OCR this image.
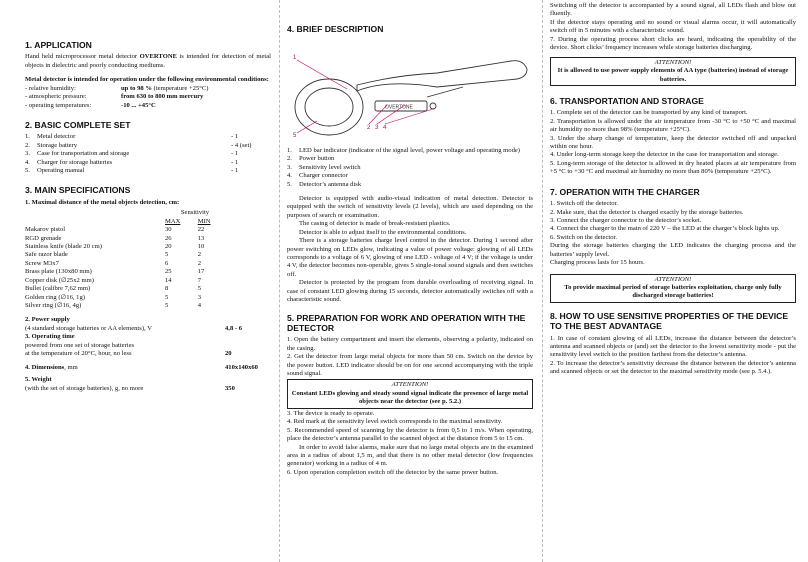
1. APPLICATION

Hand held microprocessor metal detector OVERTONE is intended for detection of metal objects in dielectric and poorly conducting mediums.

Metal detector is intended for operation under the following environmental conditions:

- relative humidity:	up to 98 % (temperature +25°C)
- atmospheric pressure:	from 630 to 800 mm mercury
- operating temperatures:	-10 ... +45°C
2. BASIC COMPLETE SET
1.	Metal detector	- 1
2.	Storage battery	- 4 (set)
3.	Case for transportation and storage	- 1
4.	Charger for storage batteries	- 1
5.	Operating manual	- 1
3. MAIN SPECIFICATIONS

1. Maximal distance of the metal objects detection, cm:

	Sensitivity	
	MAX	MIN
Makarov pistol	30	22
RGD grenade	26	13
Stainless knife (blade 20 cm)	20	10
Safe razor blade	5	2
Screw M3x7	6	2
Brass plate (130x80 mm)	25	17
Copper disk (∅25x2 mm)	14	7
Bullet (calibre 7,62 mm)	8	5
Golden ring (∅16, 1g)	5	3
Silver ring (∅16, 4g)	5	4

2. Power supply

(4 standard storage batteries or AA elements), V	4,8 - 6

3. Operating time

powered from one set of storage batteries

at the temperature of 20°C, hour, no less	20
4. Dimensions, mm	410x140x60

5. Weight

(with the set of storage batteries), g, no more	350
4. BRIEF DESCRIPTION
OVERTONE
1
2 3 4
5
1.	LED bar indicator (indicator of the signal level, power voltage and operating mode)
2.	Power button
3.	Sensitivity level switch
4.	Charger connector
5.	Detector’s antenna disk

Detector is equipped with audio-visual indication of metal detection. Detector is equipped with the switch of sensitivity levels (2 levels), which are used depending on the purposes of search or examination.

The casing of detector is made of break-resistant plastics.

Detector is able to adjust itself to the environmental conditions.

There is a storage batteries charge level control in the detector. During 1 second after power switching on LEDs glow, indicating a value of power voltage: glowing of all LEDs corresponds to a voltage of 6 V, glowing of one LED - voltage of 4 V; if the voltage is under 4 V, the detector becomes non-operable, gives 5 single-tonal sound signals and then switches off.

Detector is protected by the program from durable overloading of receiving signal. In case of constant LED glowing during 15 seconds, detector automatically switches off with a characteristic sound.

5. PREPARATION FOR WORK AND OPERATION WITH THE DETECTOR

1. Open the battery compartment and insert the elements, observing a polarity, indicated on the casing.

2. Get the detector from large metal objects for more than 50 cm. Switch on the device by the power button. LED indicator should be on for one second accompanying with the triple sound signal.

ATTENTION!

Constant LEDs glowing and steady sound signal indicate the presence of large metal objects near the detector (see p. 5.2.)

3. The device is ready to operate.

4. Red mark at the sensitivity level switch corresponds to the maximal sensitivity.

5. Recommended speed of scanning by the detector is from 0,5 to 1 m/s. When operating, place the detector’s antenna parallel to the scanned object at the distance from 5 to 15 cm.

In order to avoid false alarms, make sure that no large metal objects are in the examined area in a radius of about 1,5 m, and that there is no other metal detector (low frequencies generator) working in a radius of 4 m.

6. Upon operation completion switch off the detector by the same power button.

Switching off the detector is accompanied by a sound signal, all LEDs flash and blow out fluently.

If the detector stays operating and no sound or visual alarms occur, it will automatically switch off in 5 minutes with a characteristic sound.

7. During the operating process short clicks are heard, indicating the operability of the device. Short clicks’ frequency increases while storage batteries discharging.

ATTENTION!

It is allowed to use power supply elements of AA type (batteries) instead of storage batteries.

6. TRANSPORTATION AND STORAGE

1. Complete set of the detector can be transported by any kind of transport.

2. Transportation is allowed under the air temperature from -30 °C to +50 °C and maximal air humidity no more than 98% (temperature +25°C).

3. Under the sharp change of temperature, keep the detector switched off and unpacked within one hour.

4. Under long-term storage keep the detector in the case for transportation and storage.

5. Long-term storage of the detector is allowed in dry heated places at air temperature from +5 °C to +30 °C and maximal air humidity no more than 80% (temperature +25°C).

7. OPERATION WITH THE CHARGER

1. Switch off the detector.

2. Make sure, that the detector is charged exactly by the storage batteries.

3. Connect the charger connector to the detector’s socket.

4. Connect the charger to the main of 220 V – the LED at the charger’s block lights up.

6. Switch on the detector.

During the storage batteries charging the LED indicates the charging process and the batteries’ supply level.

Charging process lasts for 15 hours.

ATTENTION!

To provide maximal period of storage batteries exploitation, charge only fully discharged storage batteries!

8. HOW TO USE SENSITIVE PROPERTIES OF THE DEVICE TO THE BEST ADVANTAGE

1. In case of constant glowing of all LEDs, increase the distance between the detector’s antenna and scanned objects or (and) set the detector to the lowest sensitivity mode - put the sensitivity level switch to the position farthest from the detector’s antenna.

2. To increase the detector’s sensitivity decrease the distance between the detector’s antenna and scanned objects or set the detector to the maximal sensitivity mode (see p. 5.4.).
